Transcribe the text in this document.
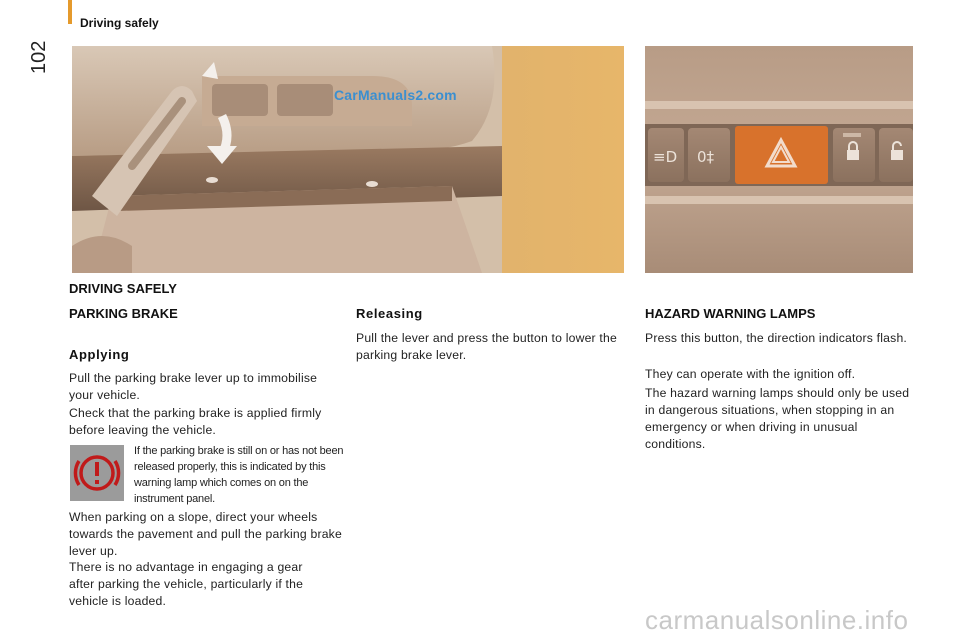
102
Driving safely
CarManuals2.com
≡D 0‡
DRIVING SAFELY
PARKING BRAKE
Applying

Pull the parking brake lever up to immobilise your vehicle.

Check that the parking brake is applied firmly before leaving the vehicle.

If the parking brake is still on or has not been released properly, this is indicated by this warning lamp which comes on on the instrument panel.

When parking on a slope, direct your wheels towards the pavement and pull the parking brake lever up.

There is no advantage in engaging a gear after parking the vehicle, particularly if the vehicle is loaded.

Releasing

Pull the lever and press the button to lower the parking brake lever.

HAZARD WARNING LAMPS

Press this button, the direction indicators flash.

They can operate with the ignition off.

The hazard warning lamps should only be used in dangerous situations, when stopping in an emergency or when driving in unusual conditions.

carmanualsonline.info
